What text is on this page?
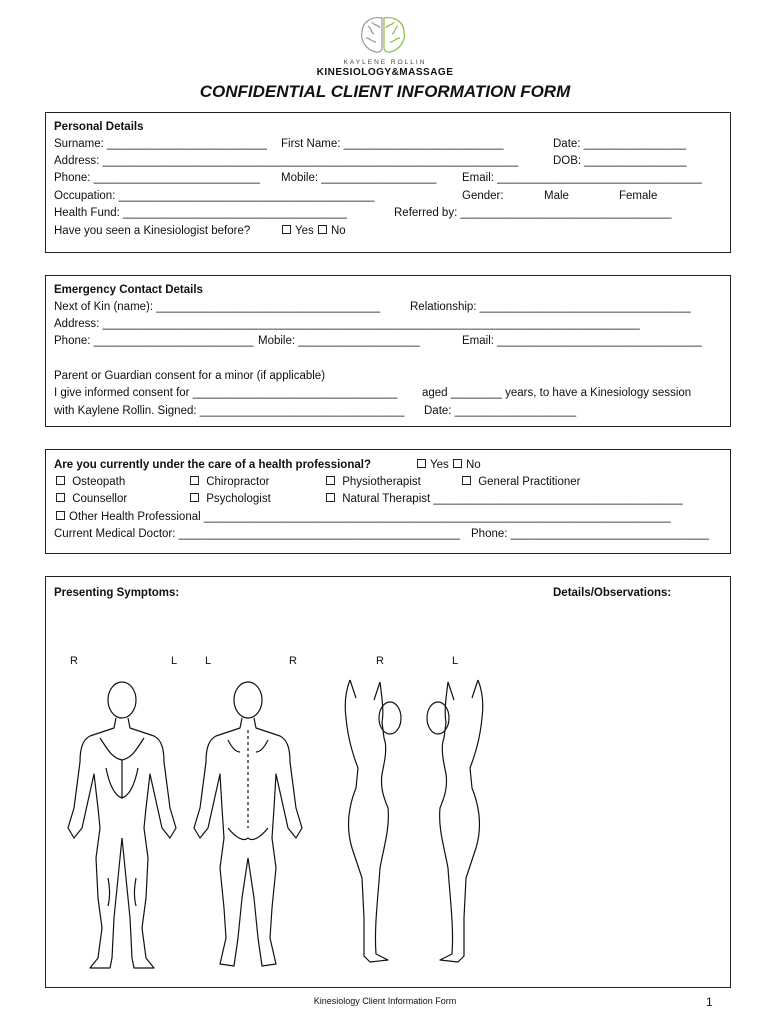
KAYLENE ROLLIN
KINESIOLOGY&MASSAGE
CONFIDENTIAL CLIENT INFORMATION FORM
Personal Details
Surname: _________________________ First Name: _________________________	Date: ________________
Address: _________________________________________________________________	DOB: ________________
Phone: __________________________ Mobile: __________________ Email: ________________________________
Occupation: ________________________________________	Gender:	Male	Female
Health Fund: ___________________________________	Referred by: _________________________________
Have you seen a Kinesiologist before?	Yes	No
Emergency Contact Details
Next of Kin (name): ___________________________________	Relationship: _________________________________
Address: ____________________________________________________________________________________
Phone: _________________________ Mobile: ___________________	Email: ________________________________
Parent or Guardian consent for a minor (if applicable)
I give informed consent for ________________________________ aged ________ years, to have a Kinesiology session
with Kaylene Rollin. Signed: ________________________________ Date: ___________________
Are you currently under the care of a health professional?	Yes	No
Osteopath	Chiropractor	Physiotherapist	General Practitioner
Counsellor	Psychologist	Natural Therapist _______________________________________
Other Health Professional _________________________________________________________________________
Current Medical Doctor: ____________________________________________ Phone: _______________________________
Presenting Symptoms:	Details/Observations:
R	L	L	R	R	L
Kinesiology Client Information Form	1
